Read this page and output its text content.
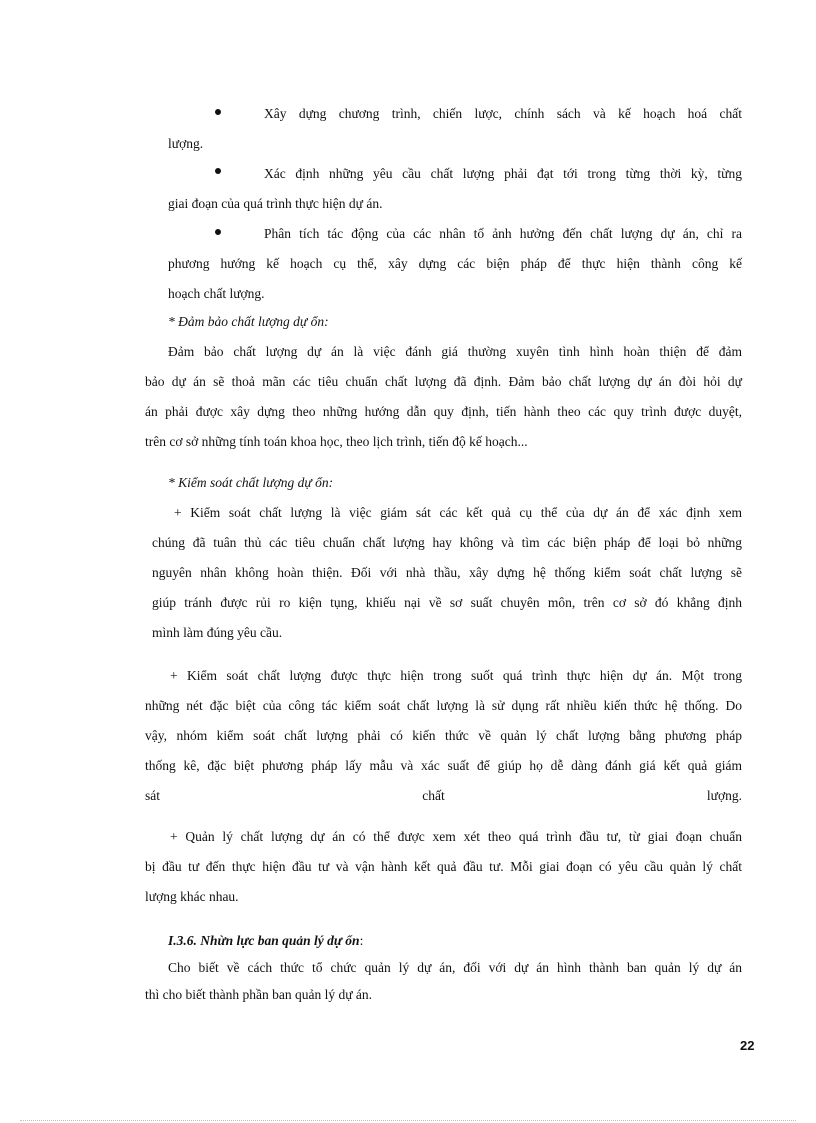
Xây dựng chương trình, chiến lược, chính sách và kế hoạch hoá chất
lượng.
Xác định những yêu cầu chất lượng phải đạt tới trong từng thời kỳ, từng
giai đoạn của quá trình thực hiện dự án.
Phân tích tác động của các nhân tố ảnh hưởng đến chất lượng dự án, chỉ ra
phương hướng kế hoạch cụ thể, xây dựng các biện pháp để thực hiện thành công kế
hoạch chất lượng.
* Đảm bảo chất lượng dự ổn:
Đảm bảo chất lượng dự án là việc đánh giá thường xuyên tình hình hoàn thiện để đảm
bảo dự án sẽ thoả mãn các tiêu chuẩn chất lượng đã định. Đảm bảo chất lượng dự án đòi hỏi dự
án phải được xây dựng theo những hướng dẫn quy định, tiến hành theo các quy trình được duyệt,
trên cơ sở những tính toán khoa học, theo lịch trình, tiến độ kế hoạch...
* Kiểm soát chất lượng dự ổn:
+ Kiểm soát chất lượng là việc giám sát các kết quả cụ thể của dự án để xác định xem
chúng đã tuân thủ các tiêu chuẩn chất lượng hay không và tìm các biện pháp để loại bỏ những
nguyên nhân không hoàn thiện. Đối với nhà thầu, xây dựng hệ thống kiểm soát chất lượng sẽ
giúp tránh được rủi ro kiện tụng, khiếu nại về sơ suất chuyên môn, trên cơ sở đó khẳng định
mình làm đúng yêu cầu.
+ Kiểm soát chất lượng được thực hiện trong suốt quá trình thực hiện dự án. Một trong
những nét đặc biệt của công tác kiểm soát chất lượng là sử dụng rất nhiều kiến thức hệ thống. Do
vậy, nhóm kiểm soát chất lượng phải có kiến thức về quản lý chất lượng bằng phương pháp
thống kê, đặc biệt phương pháp lấy mẫu và xác suất để giúp họ dễ dàng đánh giá kết quả giám
sát chất lượng.
+ Quản lý chất lượng dự án có thể được xem xét theo quá trình đầu tư, từ giai đoạn chuẩn
bị đầu tư đến thực hiện đầu tư và vận hành kết quả đầu tư. Mỗi giai đoạn có yêu cầu quản lý chất
lượng khác nhau.
I.3.6. Nhừn lực ban quản lý dự ổn:
Cho biết về cách thức tổ chức quản lý dự án, đối với dự án hình thành ban quản lý dự án
thì cho biết thành phần ban quản lý dự án.
22
